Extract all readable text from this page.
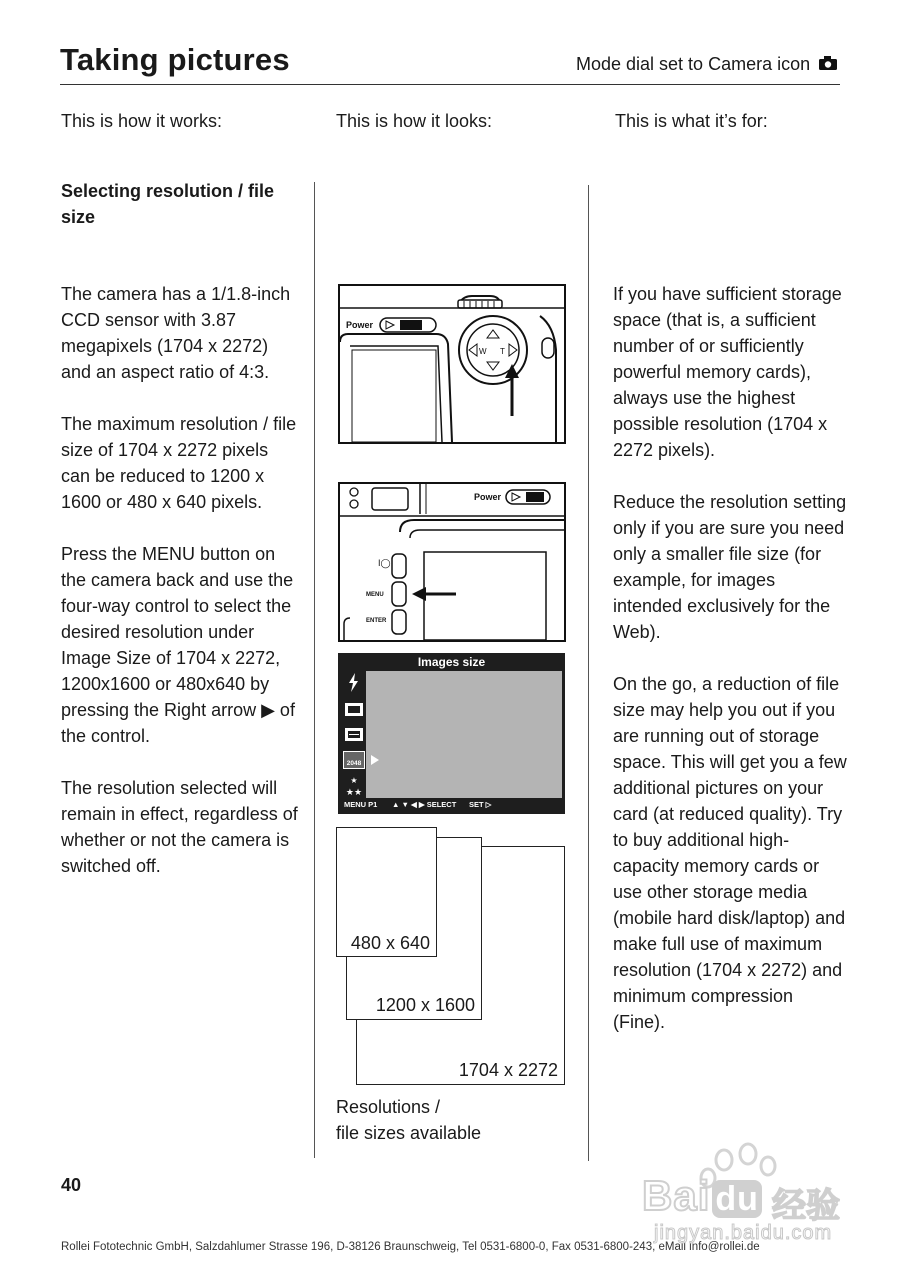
Taking pictures	Mode dial set to Camera icon
This is how it works:	This is how it looks:	This is what it’s for:
Selecting resolution / file size

The camera has a 1/1.8-inch CCD sensor with 3.87 megapixels (1704 x 2272) and an aspect ratio of 4:3.

The maximum resolution / file size of 1704 x 2272 pixels can be reduced to 1200 x 1600 or 480 x 640 pixels.

Press the MENU button on the camera back and use the four-way control to select the desired resolution under Image Size of 1704 x 2272, 1200x1600 or 480x640 by pressing the Right arrow ▶ of the control.

The resolution selected will remain in effect, regardless of whether or not the camera is switched off.

If you have sufficient storage space (that is, a sufficient number of or sufficiently powerful memory cards), always use the highest possible resolution (1704 x 2272 pixels).

Reduce the resolution setting only if you are sure you need only a smaller file size (for example, for images intended exclusively for the Web).

On the go, a reduction of file size may help you out if you are running out of storage space. This will get you a few additional pictures on your card (at reduced quality). Try to buy additional high-capacity memory cards or use other storage media (mobile hard disk/laptop) and make full use of maximum resolution (1704 x 2272) and minimum compression (Fine).

Power
W T
Power
I◯
MENU
ENTER
Images size
2048
★
★★
MENU P1 ▲ ▼ ◀ ▶ SELECT SET ▷
1704 x 2272
1200 x 1600
480 x 640
Resolutions /
file sizes available
40
Rollei Fototechnic GmbH, Salzdahlumer Strasse 196, D-38126 Braunschweig, Tel 0531-6800-0, Fax 0531-6800-243, eMail info@rollei.de
Bai du 经验
jingyan.baidu.com
